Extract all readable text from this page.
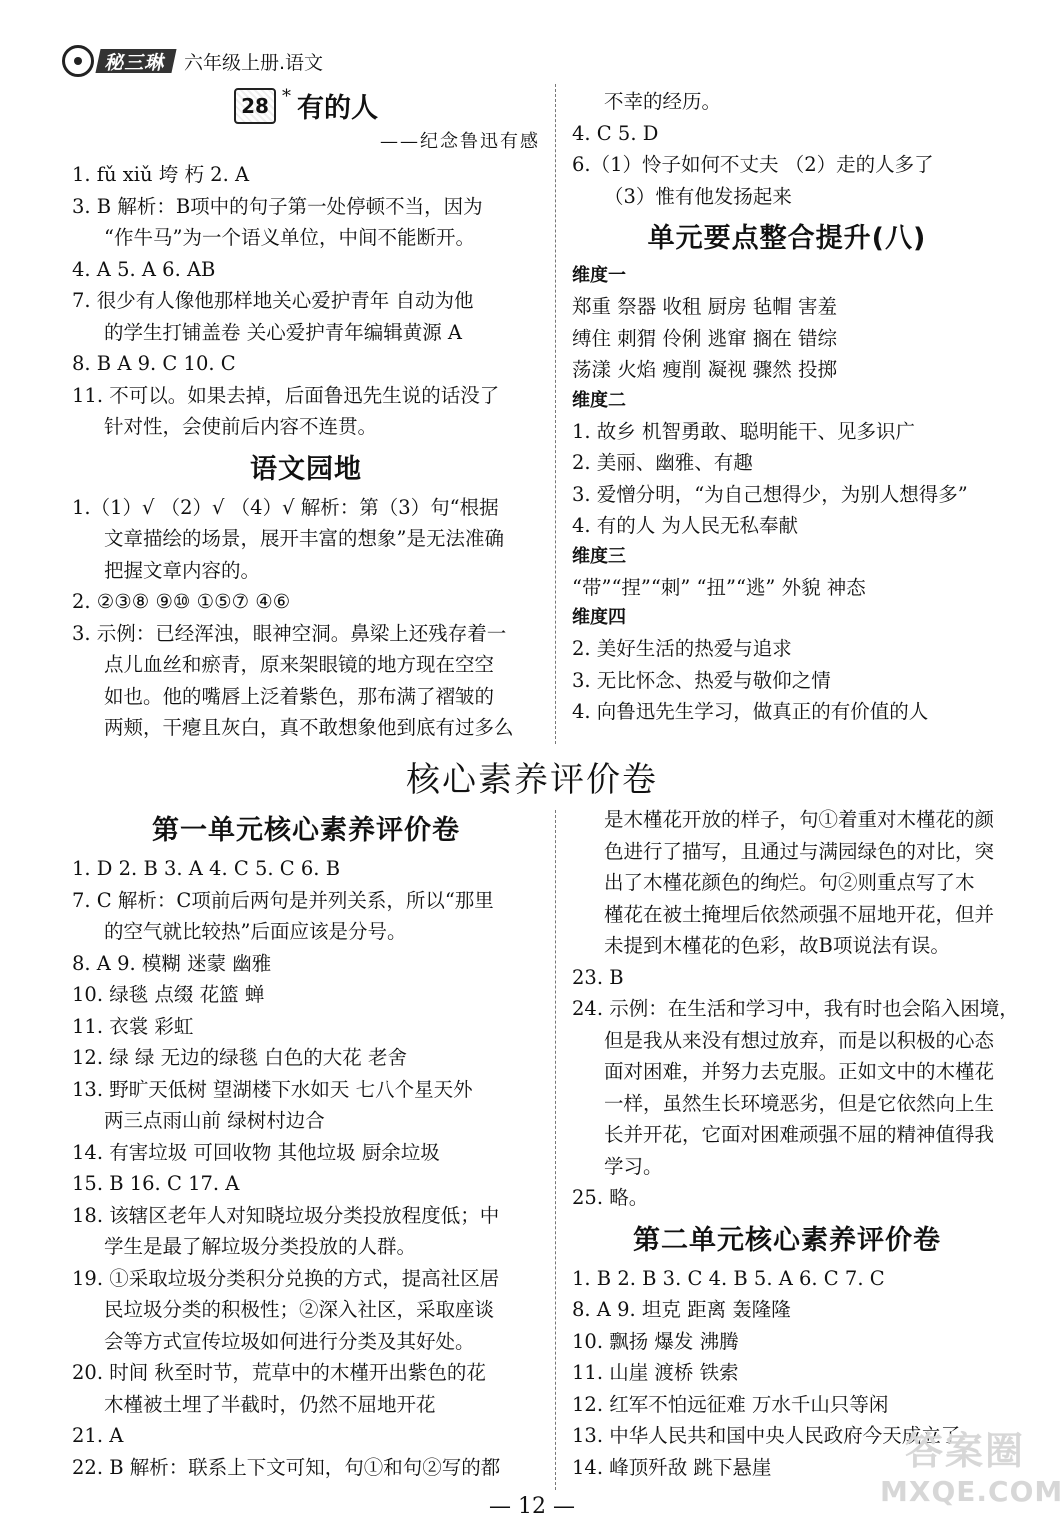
秘三琳 六年级上册.语文
28 * 有的人
——纪念鲁迅有感
1. fǔ xiǔ 垮 朽 2. A
3. B 解析：B项中的句子第一处停顿不当，因为
“作牛马”为一个语义单位，中间不能断开。
4. A 5. A 6. AB
7. 很少有人像他那样地关心爱护青年 自动为他
的学生打铺盖卷 关心爱护青年编辑黄源 A
8. B A 9. C 10. C
11. 不可以。如果去掉，后面鲁迅先生说的话没了
针对性，会使前后内容不连贯。
语文园地
1.（1）√ （2）√ （4）√ 解析：第（3）句“根据
文章描绘的场景，展开丰富的想象”是无法准确
把握文章内容的。
2. ②③⑧ ⑨⑩ ①⑤⑦ ④⑥
3. 示例：已经浑浊，眼神空洞。鼻梁上还残存着一
点儿血丝和瘀青，原来架眼镜的地方现在空空
如也。他的嘴唇上泛着紫色，那布满了褶皱的
两颊，干瘪且灰白，真不敢想象他到底有过多么
不幸的经历。
4. C 5. D
6.（1）怜子如何不丈夫 （2）走的人多了
（3）惟有他发扬起来
单元要点整合提升(八)
维度一
郑重 祭器 收租 厨房 毡帽 害羞
缚住 刺猬 伶俐 逃窜 搁在 错综
荡漾 火焰 瘦削 凝视 骤然 投掷
维度二
1. 故乡 机智勇敢、聪明能干、见多识广
2. 美丽、幽雅、有趣
3. 爱憎分明，“为自己想得少，为别人想得多”
4. 有的人 为人民无私奉献
维度三
“带”“捏”“刺” “扭”“逃” 外貌 神态
维度四
2. 美好生活的热爱与追求
3. 无比怀念、热爱与敬仰之情
4. 向鲁迅先生学习，做真正的有价值的人
核心素养评价卷
第一单元核心素养评价卷
1. D 2. B 3. A 4. C 5. C 6. B
7. C 解析：C项前后两句是并列关系，所以“那里
的空气就比较热”后面应该是分号。
8. A 9. 模糊 迷蒙 幽雅
10. 绿毯 点缀 花篮 蝉
11. 衣裳 彩虹
12. 绿 绿 无边的绿毯 白色的大花 老舍
13. 野旷天低树 望湖楼下水如天 七八个星天外
两三点雨山前 绿树村边合
14. 有害垃圾 可回收物 其他垃圾 厨余垃圾
15. B 16. C 17. A
18. 该辖区老年人对知晓垃圾分类投放程度低；中
学生是最了解垃圾分类投放的人群。
19. ①采取垃圾分类积分兑换的方式，提高社区居
民垃圾分类的积极性；②深入社区，采取座谈
会等方式宣传垃圾如何进行分类及其好处。
20. 时间 秋至时节，荒草中的木槿开出紫色的花
木槿被土埋了半截时，仍然不屈地开花
21. A
22. B 解析：联系上下文可知，句①和句②写的都
是木槿花开放的样子，句①着重对木槿花的颜
色进行了描写，且通过与满园绿色的对比，突
出了木槿花颜色的绚烂。句②则重点写了木
槿花在被土掩埋后依然顽强不屈地开花，但并
未提到木槿花的色彩，故B项说法有误。
23. B
24. 示例：在生活和学习中，我有时也会陷入困境，
但是我从来没有想过放弃，而是以积极的心态
面对困难，并努力去克服。正如文中的木槿花
一样，虽然生长环境恶劣，但是它依然向上生
长并开花，它面对困难顽强不屈的精神值得我
学习。
25. 略。
第二单元核心素养评价卷
1. B 2. B 3. C 4. B 5. A 6. C 7. C
8. A 9. 坦克 距离 轰隆隆
10. 飘扬 爆发 沸腾
11. 山崖 渡桥 铁索
12. 红军不怕远征难 万水千山只等闲
13. 中华人民共和国中央人民政府今天成立了
14. 峰顶歼敌 跳下悬崖	答案圈
MXQE.COM
— 12 —
